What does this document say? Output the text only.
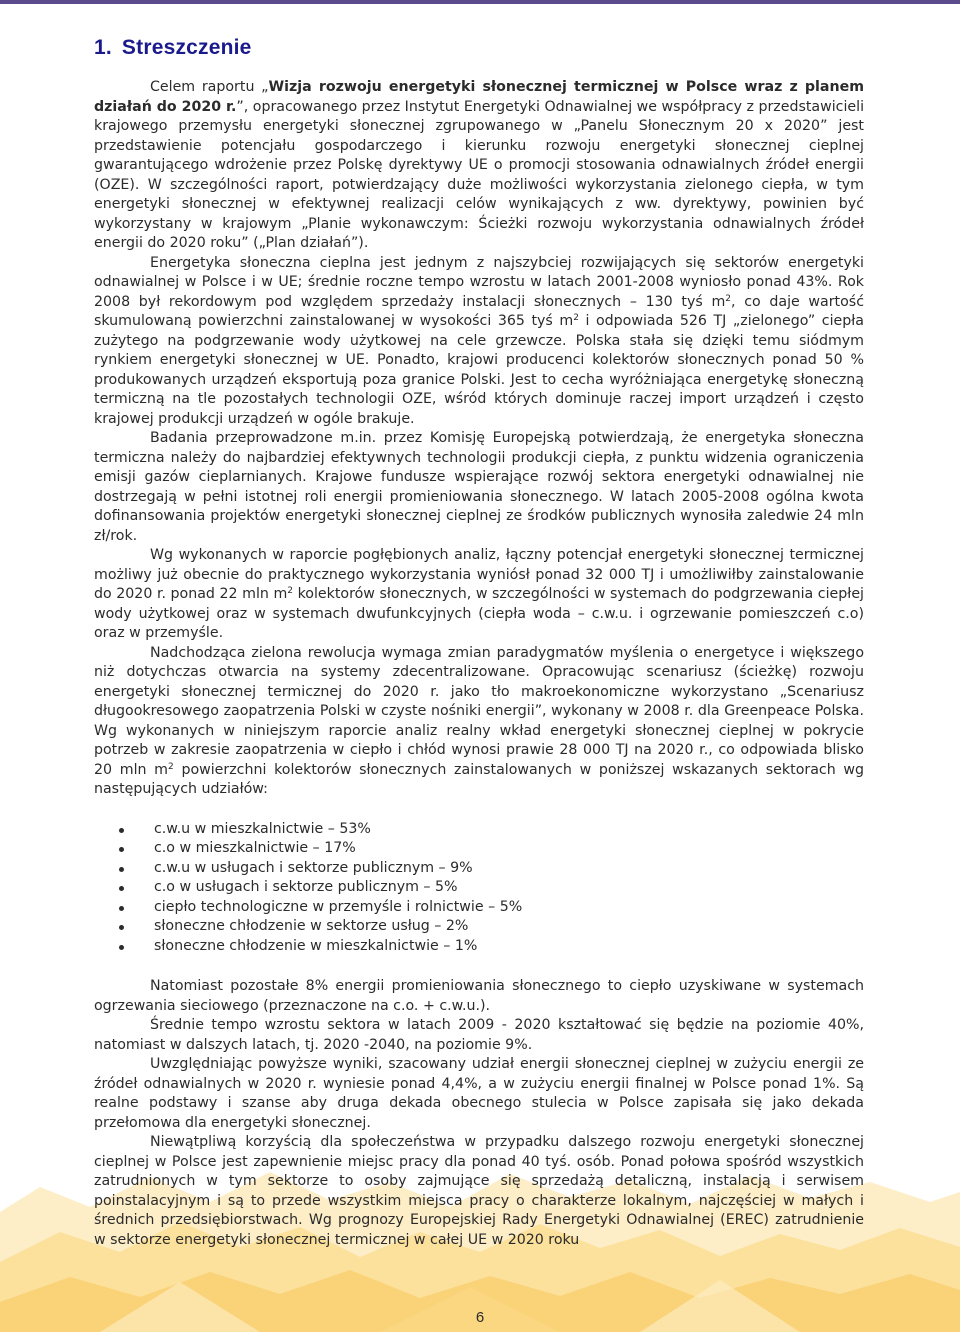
1. Streszczenie

Celem raportu „Wizja rozwoju energetyki słonecznej termicznej w Polsce wraz z planem działań do 2020 r.”, opracowanego przez Instytut Energetyki Odnawialnej we współpracy z przedstawicieli krajowego przemysłu energetyki słonecznej zgrupowanego w „Panelu Słonecznym 20 x 2020” jest przedstawienie potencjału gospodarczego i kierunku rozwoju energetyki słonecznej cieplnej gwarantującego wdrożenie przez Polskę dyrektywy UE o promocji stosowania odnawialnych źródeł energii (OZE). W szczególności raport, potwierdzający duże możliwości wykorzystania zielonego ciepła, w tym energetyki słonecznej w efektywnej realizacji celów wynikających z ww. dyrektywy, powinien być wykorzystany w krajowym „Planie wykonawczym: Ścieżki rozwoju wykorzystania odnawialnych źródeł energii do 2020 roku” („Plan działań”).

Energetyka słoneczna cieplna jest jednym z najszybciej rozwijających się sektorów energetyki odnawialnej w Polsce i w UE; średnie roczne tempo wzrostu w latach 2001-2008 wyniosło ponad 43%. Rok 2008 był rekordowym pod względem sprzedaży instalacji słonecznych – 130 tyś $m^2$, co daje wartość skumulowaną powierzchni zainstalowanej w wysokości 365 tyś $m^2$ i odpowiada 526 TJ „zielonego” ciepła zużytego na podgrzewanie wody użytkowej na cele grzewcze. Polska stała się dzięki temu siódmym rynkiem energetyki słonecznej w UE. Ponadto, krajowi producenci kolektorów słonecznych ponad 50 % produkowanych urządzeń eksportują poza granice Polski. Jest to cecha wyróżniająca energetykę słoneczną termiczną na tle pozostałych technologii OZE, wśród których dominuje raczej import urządzeń i często krajowej produkcji urządzeń w ogóle brakuje.

Badania przeprowadzone m.in. przez Komisję Europejską potwierdzają, że energetyka słoneczna termiczna należy do najbardziej efektywnych technologii produkcji ciepła, z punktu widzenia ograniczenia emisji gazów cieplarnianych. Krajowe fundusze wspierające rozwój sektora energetyki odnawialnej nie dostrzegają w pełni istotnej roli energii promieniowania słonecznego. W latach 2005-2008 ogólna kwota dofinansowania projektów energetyki słonecznej cieplnej ze środków publicznych wynosiła zaledwie 24 mln zł/rok.

Wg wykonanych w raporcie pogłębionych analiz, łączny potencjał energetyki słonecznej termicznej możliwy już obecnie do praktycznego wykorzystania wyniósł ponad 32 000 TJ i umożliwiłby zainstalowanie do 2020 r. ponad 22 mln $m^2$ kolektorów słonecznych, w szczególności w systemach do podgrzewania ciepłej wody użytkowej oraz w systemach dwufunkcyjnych (ciepła woda – c.w.u. i ogrzewanie pomieszczeń c.o) oraz w przemyśle.

Nadchodząca zielona rewolucja wymaga zmian paradygmatów myślenia o energetyce i większego niż dotychczas otwarcia na systemy zdecentralizowane. Opracowując scenariusz (ścieżkę) rozwoju energetyki słonecznej termicznej do 2020 r. jako tło makroekonomiczne wykorzystano „Scenariusz długookresowego zaopatrzenia Polski w czyste nośniki energii”, wykonany w 2008 r. dla Greenpeace Polska. Wg wykonanych w niniejszym raporcie analiz realny wkład energetyki słonecznej cieplnej w pokrycie potrzeb w zakresie zaopatrzenia w ciepło i chłód wynosi prawie 28 000 TJ na 2020 r., co odpowiada blisko 20 mln $m^2$ powierzchni kolektorów słonecznych zainstalowanych w poniższej wskazanych sektorach wg następujących udziałów:

c.w.u w mieszkalnictwie – 53%
c.o w mieszkalnictwie – 17%
c.w.u w usługach i sektorze publicznym – 9%
c.o w usługach i sektorze publicznym – 5%
ciepło technologiczne w przemyśle i rolnictwie – 5%
słoneczne chłodzenie w sektorze usług – 2%
słoneczne chłodzenie w mieszkalnictwie – 1%

Natomiast pozostałe 8% energii promieniowania słonecznego to ciepło uzyskiwane w systemach ogrzewania sieciowego (przeznaczone na c.o. + c.w.u.).

Średnie tempo wzrostu sektora w latach 2009 - 2020 kształtować się będzie na poziomie 40%, natomiast w dalszych latach, tj. 2020 -2040, na poziomie 9%.

Uwzględniając powyższe wyniki, szacowany udział energii słonecznej cieplnej w zużyciu energii ze źródeł odnawialnych w 2020 r. wyniesie ponad 4,4%, a w zużyciu energii finalnej w Polsce ponad 1%. Są realne podstawy i szanse aby druga dekada obecnego stulecia w Polsce zapisała się jako dekada przełomowa dla energetyki słonecznej.

Niewątpliwą korzyścią dla społeczeństwa w przypadku dalszego rozwoju energetyki słonecznej cieplnej w Polsce jest zapewnienie miejsc pracy dla ponad 40 tyś. osób. Ponad połowa spośród wszystkich zatrudnionych w tym sektorze to osoby zajmujące się sprzedażą detaliczną, instalacją i serwisem poinstalacyjnym i są to przede wszystkim miejsca pracy o charakterze lokalnym, najczęściej w małych i średnich przedsiębiorstwach. Wg prognozy Europejskiej Rady Energetyki Odnawialnej (EREC) zatrudnienie w sektorze energetyki słonecznej termicznej w całej UE w 2020 roku

6
